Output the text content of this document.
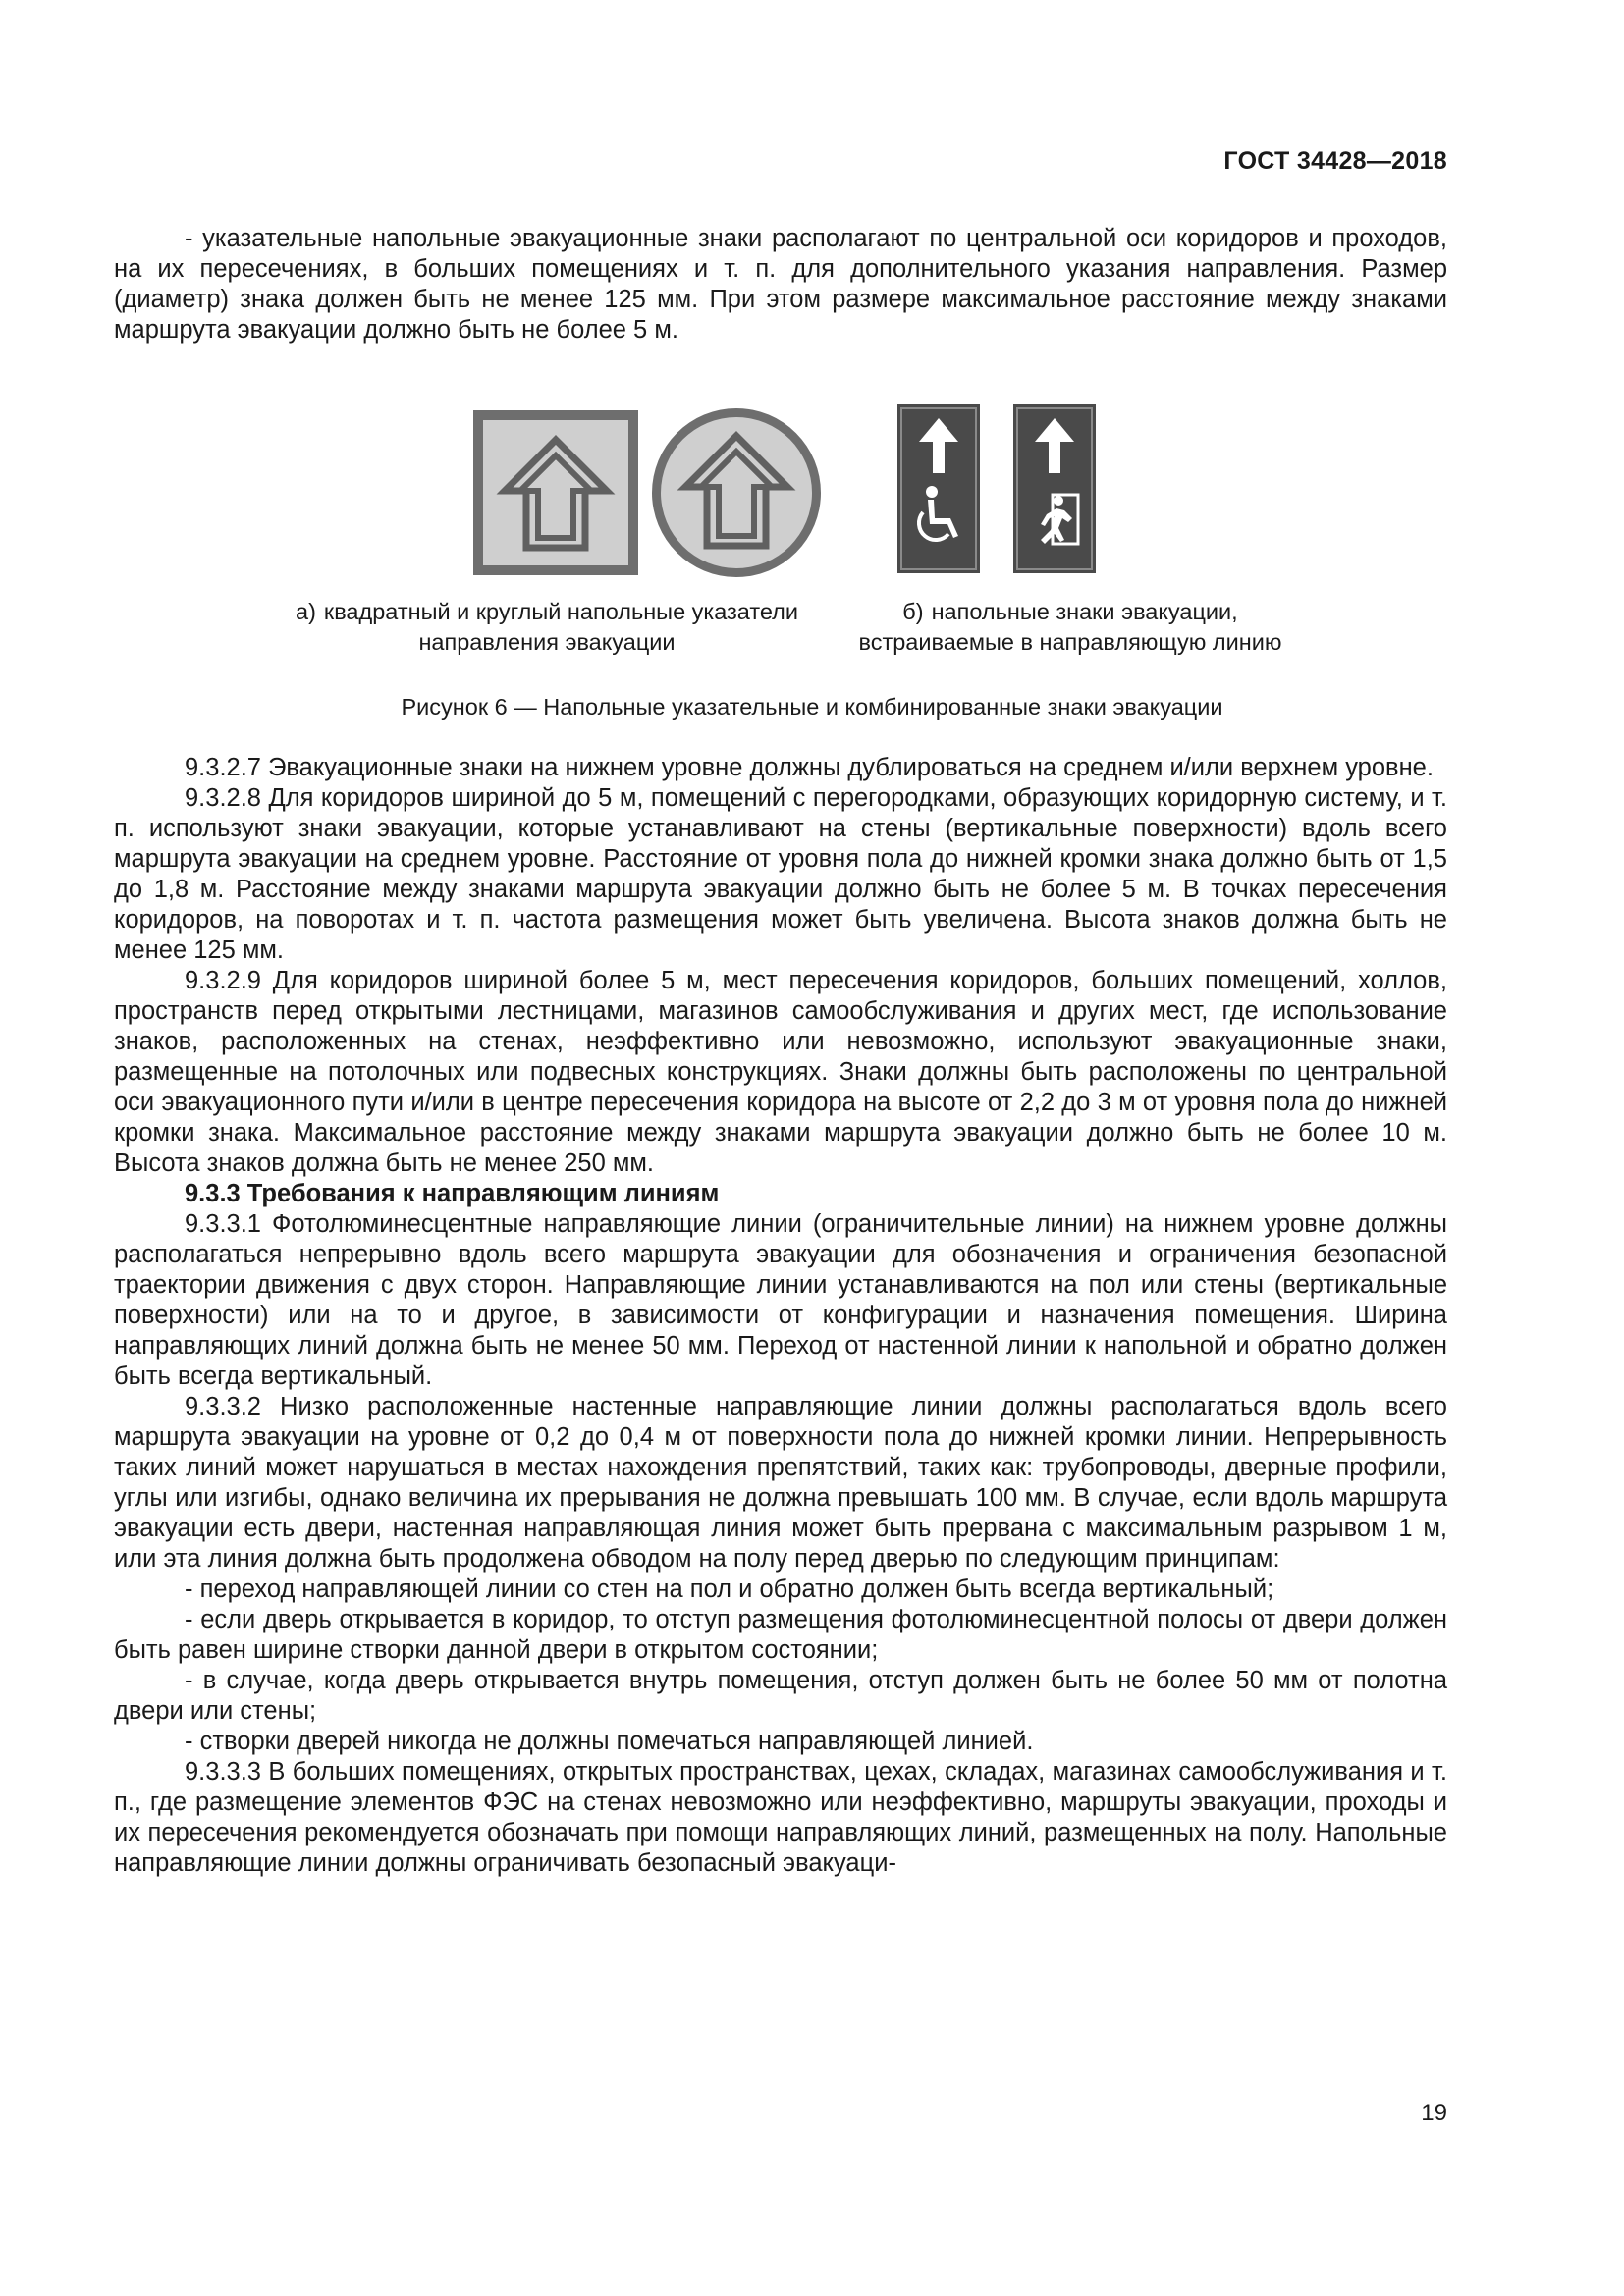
ГОСТ 34428—2018

- указательные напольные эвакуационные знаки располагают по центральной оси коридоров и проходов, на их пересечениях, в больших помещениях и т. п. для дополнительного указания направления. Размер (диаметр) знака должен быть не менее 125 мм. При этом размере максимальное расстояние между знаками маршрута эвакуации должно быть не более 5 м.

а) квадратный и круглый напольные указатели
направления эвакуации
б) напольные знаки эвакуации,
встраиваемые в направляющую линию
Рисунок 6 — Напольные указательные и комбинированные знаки эвакуации

9.3.2.7 Эвакуационные знаки на нижнем уровне должны дублироваться на среднем и/или верхнем уровне.

9.3.2.8 Для коридоров шириной до 5 м, помещений с перегородками, образующих коридорную систему, и т. п. используют знаки эвакуации, которые устанавливают на стены (вертикальные поверхности) вдоль всего маршрута эвакуации на среднем уровне. Расстояние от уровня пола до нижней кромки знака должно быть от 1,5 до 1,8 м. Расстояние между знаками маршрута эвакуации должно быть не более 5 м. В точках пересечения коридоров, на поворотах и т. п. частота размещения может быть увеличена. Высота знаков должна быть не менее 125 мм.

9.3.2.9 Для коридоров шириной более 5 м, мест пересечения коридоров, больших помещений, холлов, пространств перед открытыми лестницами, магазинов самообслуживания и других мест, где использование знаков, расположенных на стенах, неэффективно или невозможно, используют эвакуационные знаки, размещенные на потолочных или подвесных конструкциях. Знаки должны быть расположены по центральной оси эвакуационного пути и/или в центре пересечения коридора на высоте от 2,2 до 3 м от уровня пола до нижней кромки знака. Максимальное расстояние между знаками маршрута эвакуации должно быть не более 10 м. Высота знаков должна быть не менее 250 мм.

9.3.3 Требования к направляющим линиям

9.3.3.1 Фотолюминесцентные направляющие линии (ограничительные линии) на нижнем уровне должны располагаться непрерывно вдоль всего маршрута эвакуации для обозначения и ограничения безопасной траектории движения с двух сторон. Направляющие линии устанавливаются на пол или стены (вертикальные поверхности) или на то и другое, в зависимости от конфигурации и назначения помещения. Ширина направляющих линий должна быть не менее 50 мм. Переход от настенной линии к напольной и обратно должен быть всегда вертикальный.

9.3.3.2 Низко расположенные настенные направляющие линии должны располагаться вдоль всего маршрута эвакуации на уровне от 0,2 до 0,4 м от поверхности пола до нижней кромки линии. Непрерывность таких линий может нарушаться в местах нахождения препятствий, таких как: трубопроводы, дверные профили, углы или изгибы, однако величина их прерывания не должна превышать 100 мм. В случае, если вдоль маршрута эвакуации есть двери, настенная направляющая линия может быть прервана с максимальным разрывом 1 м, или эта линия должна быть продолжена обводом на полу перед дверью по следующим принципам:

- переход направляющей линии со стен на пол и обратно должен быть всегда вертикальный;

- если дверь открывается в коридор, то отступ размещения фотолюминесцентной полосы от двери должен быть равен ширине створки данной двери в открытом состоянии;

- в случае, когда дверь открывается внутрь помещения, отступ должен быть не более 50 мм от полотна двери или стены;

- створки дверей никогда не должны помечаться направляющей линией.

9.3.3.3 В больших помещениях, открытых пространствах, цехах, складах, магазинах самообслуживания и т. п., где размещение элементов ФЭС на стенах невозможно или неэффективно, маршруты эвакуации, проходы и их пересечения рекомендуется обозначать при помощи направляющих линий, размещенных на полу. Напольные направляющие линии должны ограничивать безопасный эвакуаци-

19
